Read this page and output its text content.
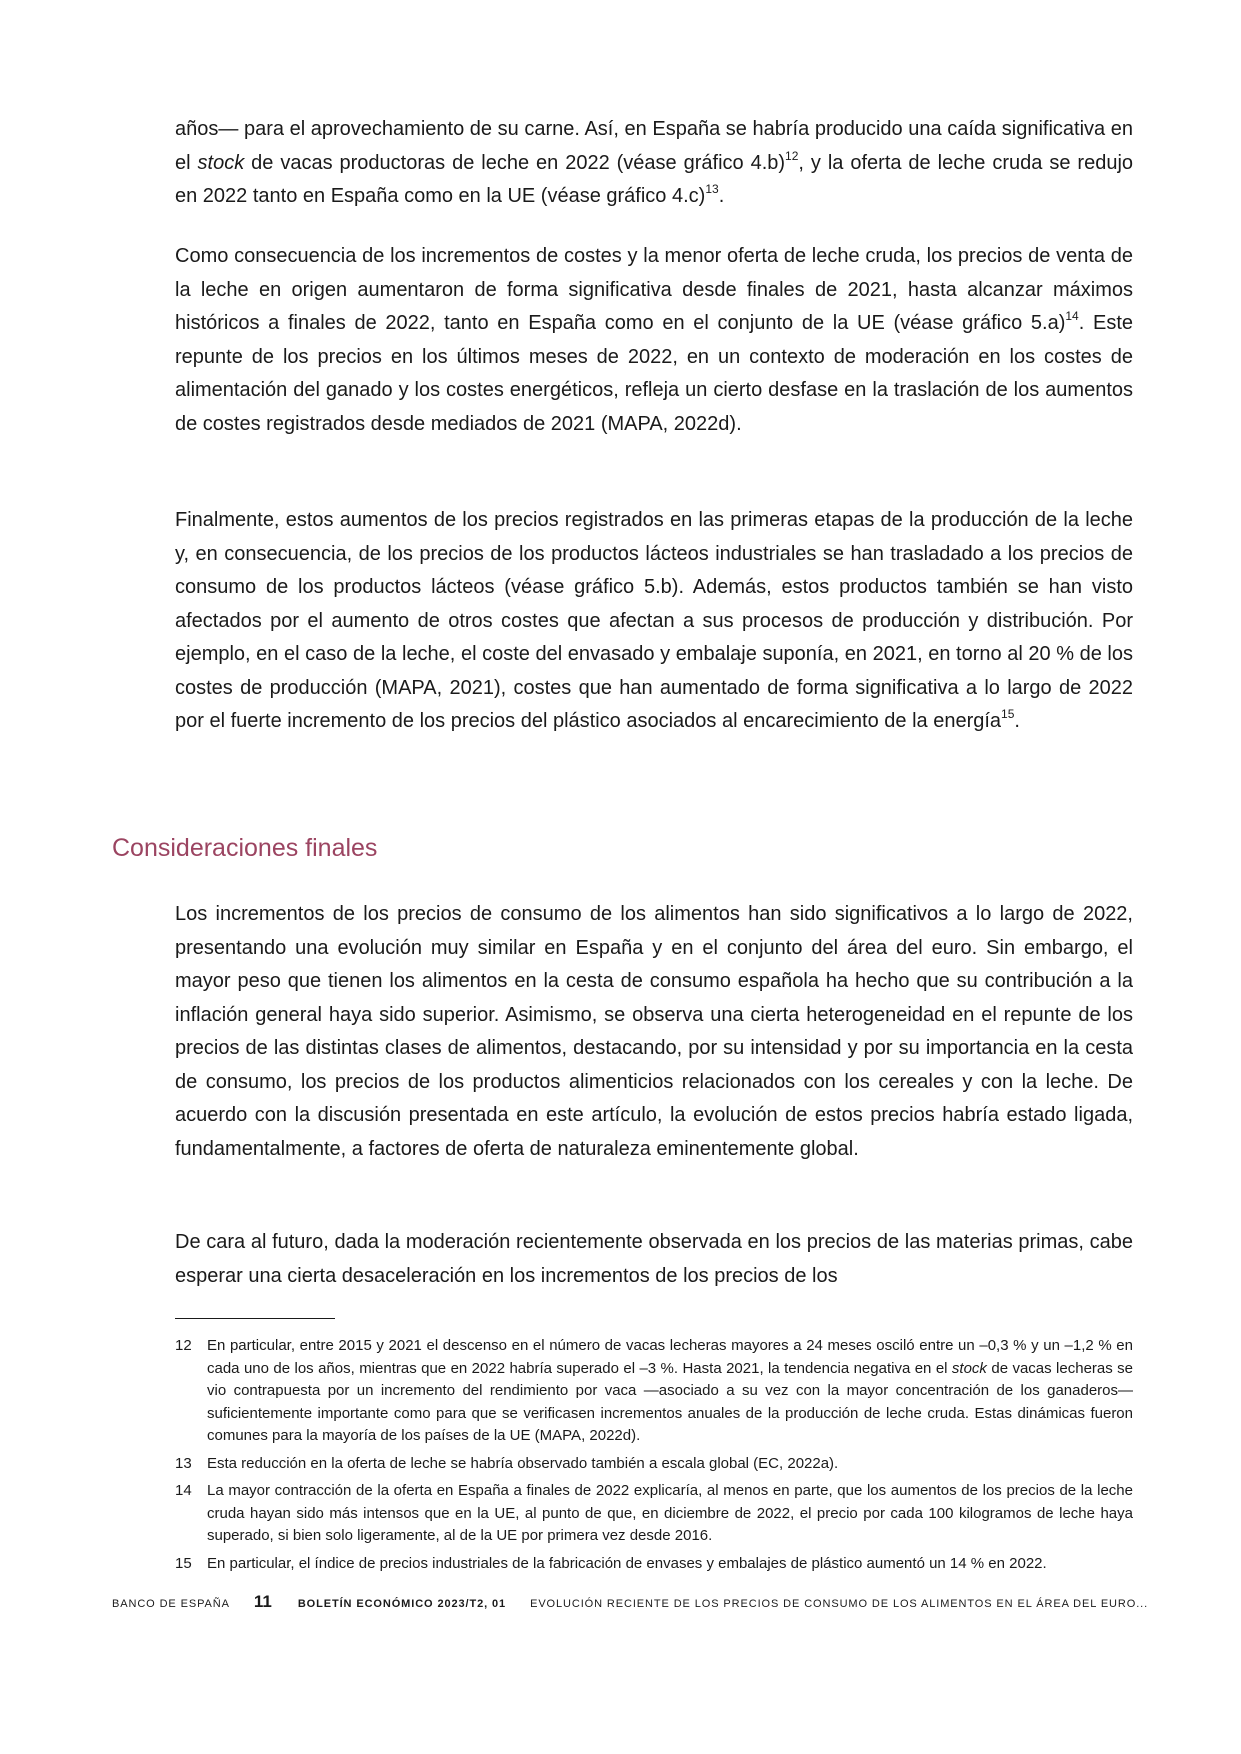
años— para el aprovechamiento de su carne. Así, en España se habría producido una caída significativa en el stock de vacas productoras de leche en 2022 (véase gráfico 4.b)$^{12}$, y la oferta de leche cruda se redujo en 2022 tanto en España como en la UE (véase gráfico 4.c)$^{13}$.

Como consecuencia de los incrementos de costes y la menor oferta de leche cruda, los precios de venta de la leche en origen aumentaron de forma significativa desde finales de 2021, hasta alcanzar máximos históricos a finales de 2022, tanto en España como en el conjunto de la UE (véase gráfico 5.a)$^{14}$. Este repunte de los precios en los últimos meses de 2022, en un contexto de moderación en los costes de alimentación del ganado y los costes energéticos, refleja un cierto desfase en la traslación de los aumentos de costes registrados desde mediados de 2021 (MAPA, 2022d).

Finalmente, estos aumentos de los precios registrados en las primeras etapas de la producción de la leche y, en consecuencia, de los precios de los productos lácteos industriales se han trasladado a los precios de consumo de los productos lácteos (véase gráfico 5.b). Además, estos productos también se han visto afectados por el aumento de otros costes que afectan a sus procesos de producción y distribución. Por ejemplo, en el caso de la leche, el coste del envasado y embalaje suponía, en 2021, en torno al 20 % de los costes de producción (MAPA, 2021), costes que han aumentado de forma significativa a lo largo de 2022 por el fuerte incremento de los precios del plástico asociados al encarecimiento de la energía$^{15}$.

Consideraciones finales

Los incrementos de los precios de consumo de los alimentos han sido significativos a lo largo de 2022, presentando una evolución muy similar en España y en el conjunto del área del euro. Sin embargo, el mayor peso que tienen los alimentos en la cesta de consumo española ha hecho que su contribución a la inflación general haya sido superior. Asimismo, se observa una cierta heterogeneidad en el repunte de los precios de las distintas clases de alimentos, destacando, por su intensidad y por su importancia en la cesta de consumo, los precios de los productos alimenticios relacionados con los cereales y con la leche. De acuerdo con la discusión presentada en este artículo, la evolución de estos precios habría estado ligada, fundamentalmente, a factores de oferta de naturaleza eminentemente global.

De cara al futuro, dada la moderación recientemente observada en los precios de las materias primas, cabe esperar una cierta desaceleración en los incrementos de los precios de los

12	En particular, entre 2015 y 2021 el descenso en el número de vacas lecheras mayores a 24 meses osciló entre un –0,3 % y un –1,2 % en cada uno de los años, mientras que en 2022 habría superado el –3 %. Hasta 2021, la tendencia negativa en el stock de vacas lecheras se vio contrapuesta por un incremento del rendimiento por vaca —asociado a su vez con la mayor concentración de los ganaderos—suficientemente importante como para que se verificasen incrementos anuales de la producción de leche cruda. Estas dinámicas fueron comunes para la mayoría de los países de la UE (MAPA, 2022d).
13	Esta reducción en la oferta de leche se habría observado también a escala global (EC, 2022a).
14	La mayor contracción de la oferta en España a finales de 2022 explicaría, al menos en parte, que los aumentos de los precios de la leche cruda hayan sido más intensos que en la UE, al punto de que, en diciembre de 2022, el precio por cada 100 kilogramos de leche haya superado, si bien solo ligeramente, al de la UE por primera vez desde 2016.
15	En particular, el índice de precios industriales de la fabricación de envases y embalajes de plástico aumentó un 14 % en 2022.
BANCO DE ESPAÑA 11 BOLETÍN ECONÓMICO 2023/T2, 01 EVOLUCIÓN RECIENTE DE LOS PRECIOS DE CONSUMO DE LOS ALIMENTOS EN EL ÁREA DEL EURO...
